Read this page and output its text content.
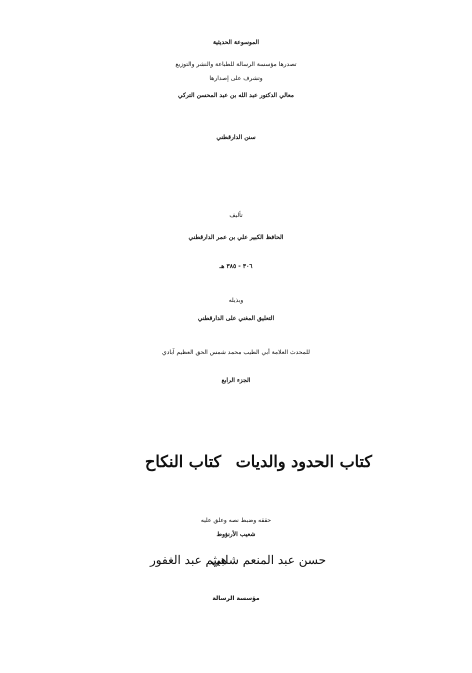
الموسوعة الحديثية
تصدرها مؤسسة الرسالة للطباعة والنشر والتوزيع
وتشرف على إصدارها
معالي الدكتور عبد الله بن عبد المحسن التركي
سنن الدارقطني
تأليف
الحافظ الكبير علي بن عمر الدارقطني
٣٠٦ - ٣٨٥ هـ
وبذيله
التعليق المغني على الدارقطني
للمحدث العلامة أبي الطيب محمد شمس الحق العظيم آبادي
الجزء الرابع
كتاب الحدود والديات
كتاب النكاح
حققه وضبط نصه وعلق عليه
شعيب الأرنؤوط
حسن عبد المنعم شلبي
هيثم عبد الغفور
مؤسسة الرسالة
